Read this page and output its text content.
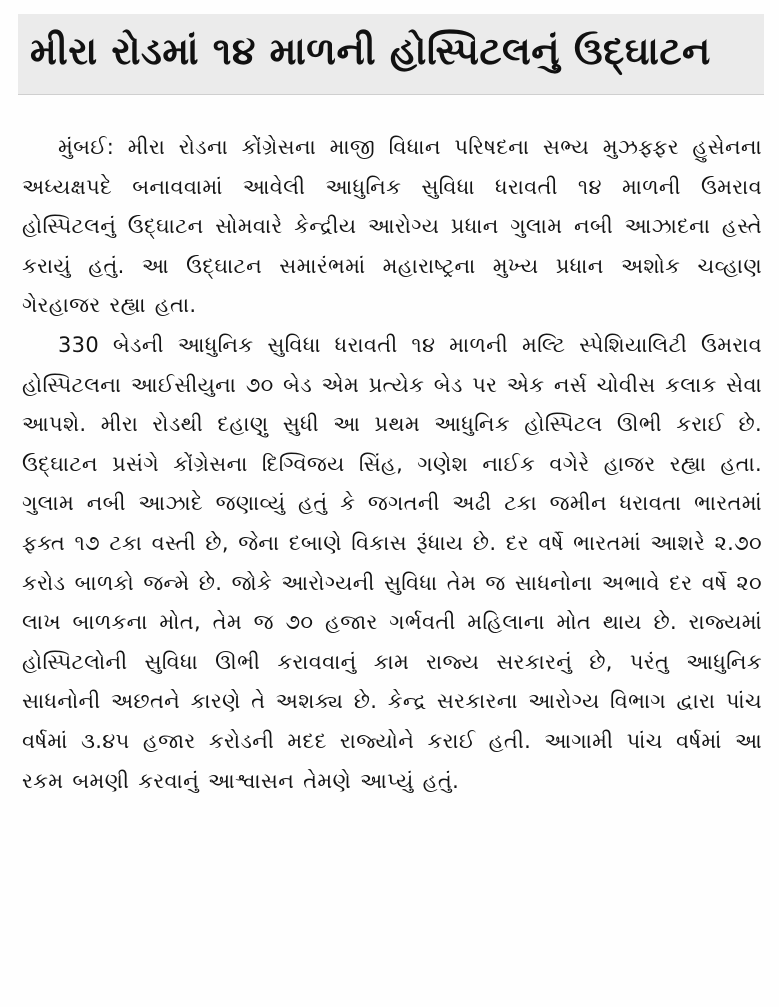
મીરા રોડમાં ૧૪ માળની હોસ્પિટલનું ઉદ્‍ઘાટન

મુંબઈ: મીરા રોડના કોંગ્રેસના માજી વિધાન પરિષદના સભ્ય મુઝફ્ફર હુસેનના અધ્યક્ષપદે બનાવવામાં આવેલી આધુનિક સુવિધા ધરાવતી ૧૪ માળની ઉમરાવ હોસ્પિટલનું ઉદ્‍ઘાટન સોમવારે કેન્દ્રીય આરોગ્ય પ્રધાન ગુલામ નબી આઝાદના હસ્તે કરાયું હતું. આ ઉદ્‍ઘાટન સમારંભમાં મહારાષ્ટ્રના મુખ્ય પ્રધાન અશોક ચવ્હાણ ગેરહાજર રહ્યા હતા.

330 બેડની આધુનિક સુવિધા ધરાવતી ૧૪ માળની મલ્ટિ સ્પેશિયાલિટી ઉમરાવ હોસ્પિટલના આઈસીયુના ૭૦ બેડ એમ પ્રત્યેક બેડ પર એક નર્સ ચોવીસ કલાક સેવા આપશે. મીરા રોડથી દહાણુ સુધી આ પ્રથમ આધુનિક હોસ્પિટલ ઊભી કરાઈ છે. ઉદ્‍ઘાટન પ્રસંગે કોંગ્રેસના દિગ્વિજય સિંહ, ગણેશ નાઈક વગેરે હાજર રહ્યા હતા. ગુલામ નબી આઝાદે જણાવ્યું હતું કે જગતની અઢી ટકા જમીન ધરાવતા ભારતમાં ફક્ત ૧૭ ટકા વસ્તી છે, જેના દબાણે વિકાસ રૂંધાય છે. દર વર્ષે ભારતમાં આશરે ૨.૭૦ કરોડ બાળકો જન્મે છે. જોકે આરોગ્યની સુવિધા તેમ જ સાધનોના અભાવે દર વર્ષે ૨૦ લાખ બાળકના મોત, તેમ જ ૭૦ હજાર ગર્ભવતી મહિલાના મોત થાય છે. રાજ્યમાં હોસ્પિટલોની સુવિધા ઊભી કરાવવાનું કામ રાજ્ય સરકારનું છે, પરંતુ આધુનિક સાધનોની અછતને કારણે તે અશક્ય છે. કેન્દ્ર સરકારના આરોગ્ય વિભાગ દ્વારા પાંચ વર્ષમાં ૩.૪૫ હજાર કરોડની મદદ રાજ્યોને કરાઈ હતી. આગામી પાંચ વર્ષમાં આ રકમ બમણી કરવાનું આશ્વાસન તેમણે આપ્યું હતું.
